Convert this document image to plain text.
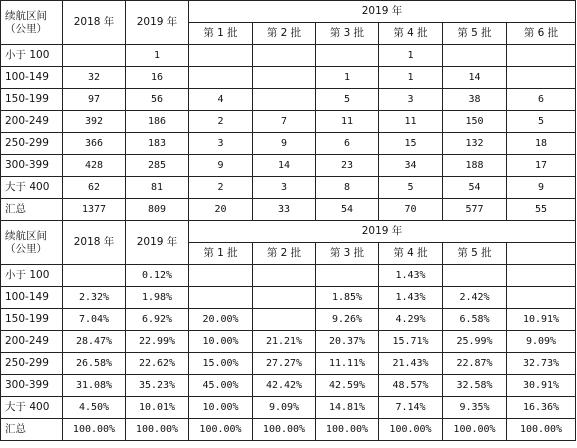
续航区间
（公里）	2018 年	2019 年	2019 年					
			第 1 批	第 2 批	第 3 批	第 4 批	第 5 批	第 6 批
小于 100		1				1		
100-149	32	16			1	1	14	
150-199	97	56	4		5	3	38	6
200-249	392	186	2	7	11	11	150	5
250-299	366	183	3	9	6	15	132	18
300-399	428	285	9	14	23	34	188	17
大于 400	62	81	2	3	8	5	54	9
汇总	1377	809	20	33	54	70	577	55

续航区间
（公里）	2018 年	2019 年	2019 年					
			第 1 批	第 2 批	第 3 批	第 4 批	第 5 批	
小于 100		0.12%				1.43%		
100-149	2.32%	1.98%			1.85%	1.43%	2.42%	
150-199	7.04%	6.92%	20.00%		9.26%	4.29%	6.58%	10.91%
200-249	28.47%	22.99%	10.00%	21.21%	20.37%	15.71%	25.99%	9.09%
250-299	26.58%	22.62%	15.00%	27.27%	11.11%	21.43%	22.87%	32.73%
300-399	31.08%	35.23%	45.00%	42.42%	42.59%	48.57%	32.58%	30.91%
大于 400	4.50%	10.01%	10.00%	9.09%	14.81%	7.14%	9.35%	16.36%
汇总	100.00%	100.00%	100.00%	100.00%	100.00%	100.00%	100.00%	100.00%
